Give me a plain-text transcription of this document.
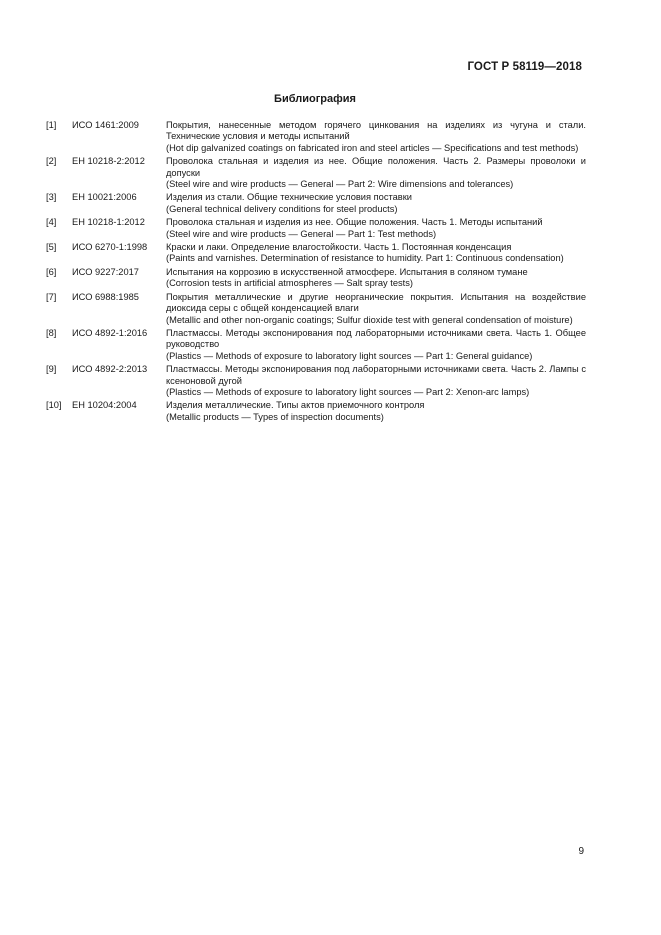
ГОСТ Р 58119—2018
Библиография
[1]	ИСО 1461:2009	Покрытия, нанесенные методом горячего цинкования на изделиях из чугуна и стали. Технические условия и методы испытаний
(Hot dip galvanized coatings on fabricated iron and steel articles — Specifications and test methods)
[2]	ЕН 10218-2:2012	Проволока стальная и изделия из нее. Общие положения. Часть 2. Размеры проволоки и допуски
(Steel wire and wire products — General — Part 2: Wire dimensions and tolerances)
[3]	ЕН 10021:2006	Изделия из стали. Общие технические условия поставки
(General technical delivery conditions for steel products)
[4]	ЕН 10218-1:2012	Проволока стальная и изделия из нее. Общие положения. Часть 1. Методы испытаний
(Steel wire and wire products — General — Part 1: Test methods)
[5]	ИСО 6270-1:1998	Краски и лаки. Определение влагостойкости. Часть 1. Постоянная конденсация
(Paints and varnishes. Determination of resistance to humidity. Part 1: Continuous condensation)
[6]	ИСО 9227:2017	Испытания на коррозию в искусственной атмосфере. Испытания в соляном тумане
(Corrosion tests in artificial atmospheres — Salt spray tests)
[7]	ИСО 6988:1985	Покрытия металлические и другие неорганические покрытия. Испытания на воздействие диоксида серы с общей конденсацией влаги
(Metallic and other non-organic coatings; Sulfur dioxide test with general condensation of moisture)
[8]	ИСО 4892-1:2016	Пластмассы. Методы экспонирования под лабораторными источниками света. Часть 1. Общее руководство
(Plastics — Methods of exposure to laboratory light sources — Part 1: General guidance)
[9]	ИСО 4892-2:2013	Пластмассы. Методы экспонирования под лабораторными источниками света. Часть 2. Лампы с ксеноновой дугой
(Plastics — Methods of exposure to laboratory light sources — Part 2: Xenon-arc lamps)
[10]	ЕН 10204:2004	Изделия металлические. Типы актов приемочного контроля
(Metallic products — Types of inspection documents)
9
